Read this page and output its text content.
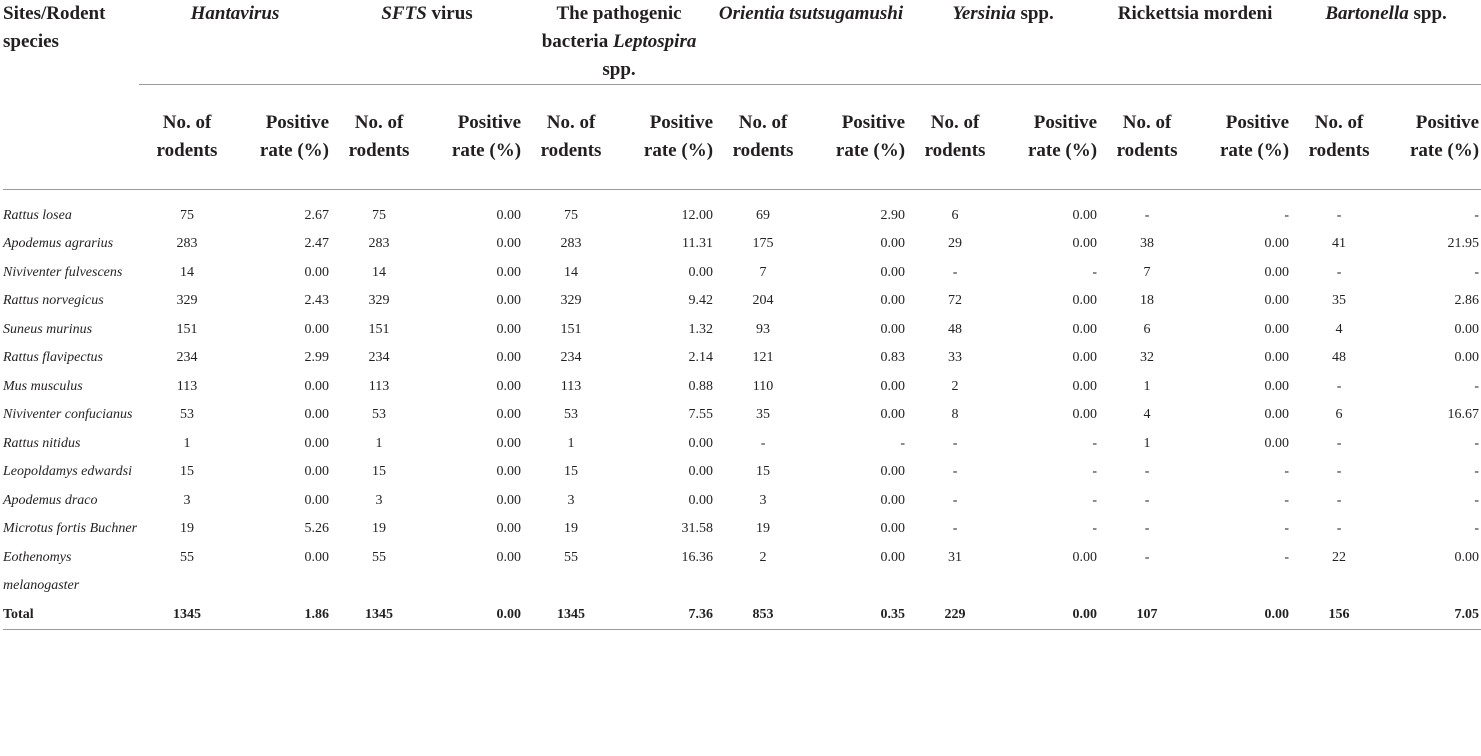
Sites/Rodent species	Hantavirus		SFTS virus		The pathogenic bacteria Leptospira spp.		Orientia tsutsugamushi		Yersinia spp.		Rickettsia mordeni		Bartonella spp.	
	No. of rodents	Positive rate (%)	No. of rodents	Positive rate (%)	No. of rodents	Positive rate (%)	No. of rodents	Positive rate (%)	No. of rodents	Positive rate (%)	No. of rodents	Positive rate (%)	No. of rodents	Positive rate (%)

Rattus losea	75	2.67	75	0.00	75	12.00	69	2.90	6	0.00	-	-	-	-
Apodemus agrarius	283	2.47	283	0.00	283	11.31	175	0.00	29	0.00	38	0.00	41	21.95
Niviventer fulvescens	14	0.00	14	0.00	14	0.00	7	0.00	-	-	7	0.00	-	-
Rattus norvegicus	329	2.43	329	0.00	329	9.42	204	0.00	72	0.00	18	0.00	35	2.86
Suneus murinus	151	0.00	151	0.00	151	1.32	93	0.00	48	0.00	6	0.00	4	0.00
Rattus flavipectus	234	2.99	234	0.00	234	2.14	121	0.83	33	0.00	32	0.00	48	0.00
Mus musculus	113	0.00	113	0.00	113	0.88	110	0.00	2	0.00	1	0.00	-	-
Niviventer confucianus	53	0.00	53	0.00	53	7.55	35	0.00	8	0.00	4	0.00	6	16.67
Rattus nitidus	1	0.00	1	0.00	1	0.00	-	-	-	-	1	0.00	-	-
Leopoldamys edwardsi	15	0.00	15	0.00	15	0.00	15	0.00	-	-	-	-	-	-
Apodemus draco	3	0.00	3	0.00	3	0.00	3	0.00	-	-	-	-	-	-
Microtus fortis Buchner	19	5.26	19	0.00	19	31.58	19	0.00	-	-	-	-	-	-
Eothenomys melanogaster	55	0.00	55	0.00	55	16.36	2	0.00	31	0.00	-	-	22	0.00
Total	1345	1.86	1345	0.00	1345	7.36	853	0.35	229	0.00	107	0.00	156	7.05
